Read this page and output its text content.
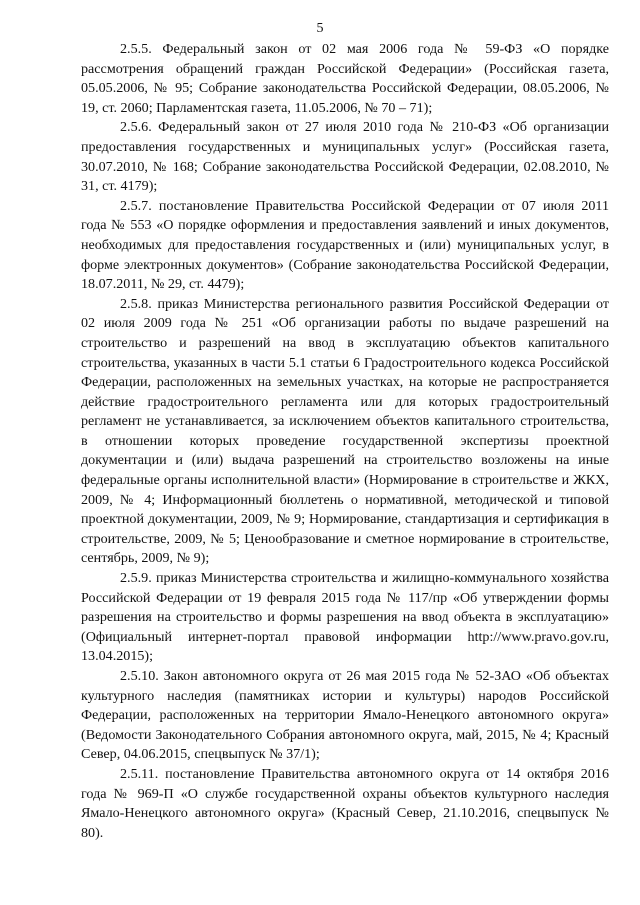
5

2.5.5. Федеральный закон от 02 мая 2006 года № 59-ФЗ «О порядке рассмотрения обращений граждан Российской Федерации» (Российская газета, 05.05.2006, № 95; Собрание законодательства Российской Федерации, 08.05.2006, № 19, ст. 2060; Парламентская газета, 11.05.2006, № 70 – 71);

2.5.6. Федеральный закон от 27 июля 2010 года № 210-ФЗ «Об организации предоставления государственных и муниципальных услуг» (Российская газета, 30.07.2010, № 168; Собрание законодательства Российской Федерации, 02.08.2010, № 31, ст. 4179);

2.5.7. постановление Правительства Российской Федерации от 07 июля 2011 года № 553 «О порядке оформления и предоставления заявлений и иных документов, необходимых для предоставления государственных и (или) муниципальных услуг, в форме электронных документов» (Собрание законодательства Российской Федерации, 18.07.2011, № 29, ст. 4479);

2.5.8. приказ Министерства регионального развития Российской Федерации от 02 июля 2009 года № 251 «Об организации работы по выдаче разрешений на строительство и разрешений на ввод в эксплуатацию объектов капитального строительства, указанных в части 5.1 статьи 6 Градостроительного кодекса Российской Федерации, расположенных на земельных участках, на которые не распространяется действие градостроительного регламента или для которых градостроительный регламент не устанавливается, за исключением объектов капитального строительства, в отношении которых проведение государственной экспертизы проектной документации и (или) выдача разрешений на строительство возложены на иные федеральные органы исполнительной власти» (Нормирование в строительстве и ЖКХ, 2009, № 4; Информационный бюллетень о нормативной, методической и типовой проектной документации, 2009, № 9; Нормирование, стандартизация и сертификация в строительстве, 2009, № 5; Ценообразование и сметное нормирование в строительстве, сентябрь, 2009, № 9);

2.5.9. приказ Министерства строительства и жилищно-коммунального хозяйства Российской Федерации от 19 февраля 2015 года № 117/пр «Об утверждении формы разрешения на строительство и формы разрешения на ввод объекта в эксплуатацию» (Официальный интернет-портал правовой информации http://www.pravo.gov.ru, 13.04.2015);

2.5.10. Закон автономного округа от 26 мая 2015 года № 52-ЗАО «Об объектах культурного наследия (памятниках истории и культуры) народов Российской Федерации, расположенных на территории Ямало-Ненецкого автономного округа» (Ведомости Законодательного Собрания автономного округа, май, 2015, № 4; Красный Север, 04.06.2015, спецвыпуск № 37/1);

2.5.11. постановление Правительства автономного округа от 14 октября 2016 года № 969-П «О службе государственной охраны объектов культурного наследия Ямало-Ненецкого автономного округа» (Красный Север, 21.10.2016, спецвыпуск № 80).
